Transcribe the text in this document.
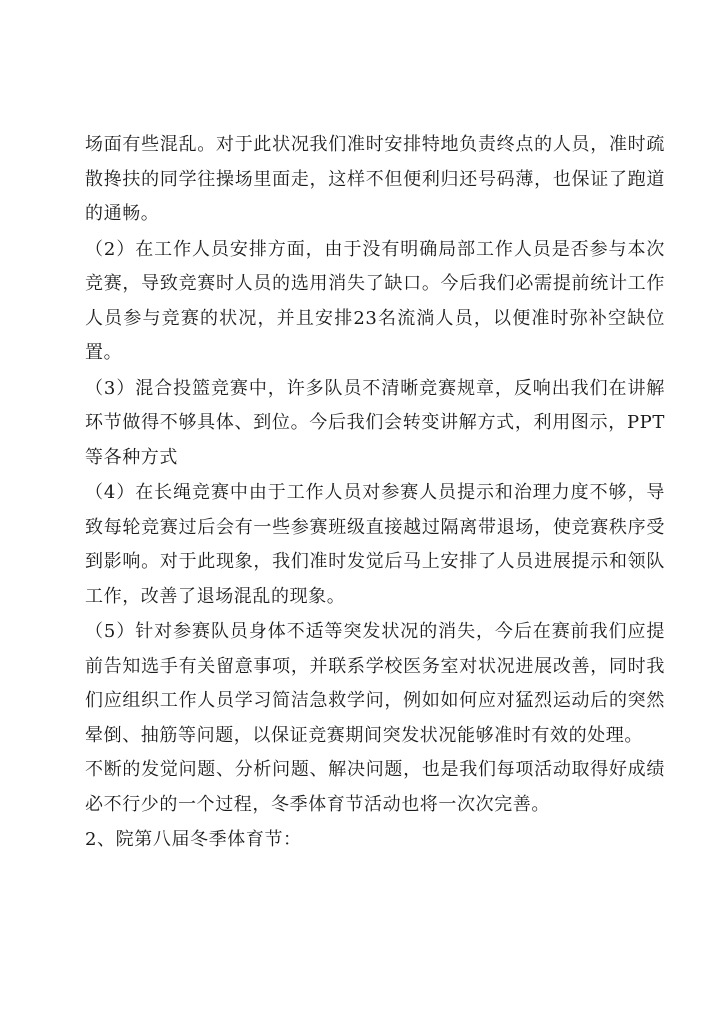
场面有些混乱。对于此状况我们准时安排特地负责终点的人员，准时疏散搀扶的同学往操场里面走，这样不但便利归还号码薄，也保证了跑道的通畅。

（2）在工作人员安排方面，由于没有明确局部工作人员是否参与本次竞赛，导致竞赛时人员的选用消失了缺口。今后我们必需提前统计工作人员参与竞赛的状况，并且安排23名流淌人员，以便准时弥补空缺位置。

（3）混合投篮竞赛中，许多队员不清晰竞赛规章，反响出我们在讲解环节做得不够具体、到位。今后我们会转变讲解方式，利用图示，PPT等各种方式

（4）在长绳竞赛中由于工作人员对参赛人员提示和治理力度不够，导致每轮竞赛过后会有一些参赛班级直接越过隔离带退场，使竞赛秩序受到影响。对于此现象，我们准时发觉后马上安排了人员进展提示和领队工作，改善了退场混乱的现象。

（5）针对参赛队员身体不适等突发状况的消失，今后在赛前我们应提前告知选手有关留意事项，并联系学校医务室对状况进展改善，同时我们应组织工作人员学习简洁急救学问，例如如何应对猛烈运动后的突然晕倒、抽筋等问题，以保证竞赛期间突发状况能够准时有效的处理。

不断的发觉问题、分析问题、解决问题，也是我们每项活动取得好成绩必不行少的一个过程，冬季体育节活动也将一次次完善。

2、院第八届冬季体育节：
